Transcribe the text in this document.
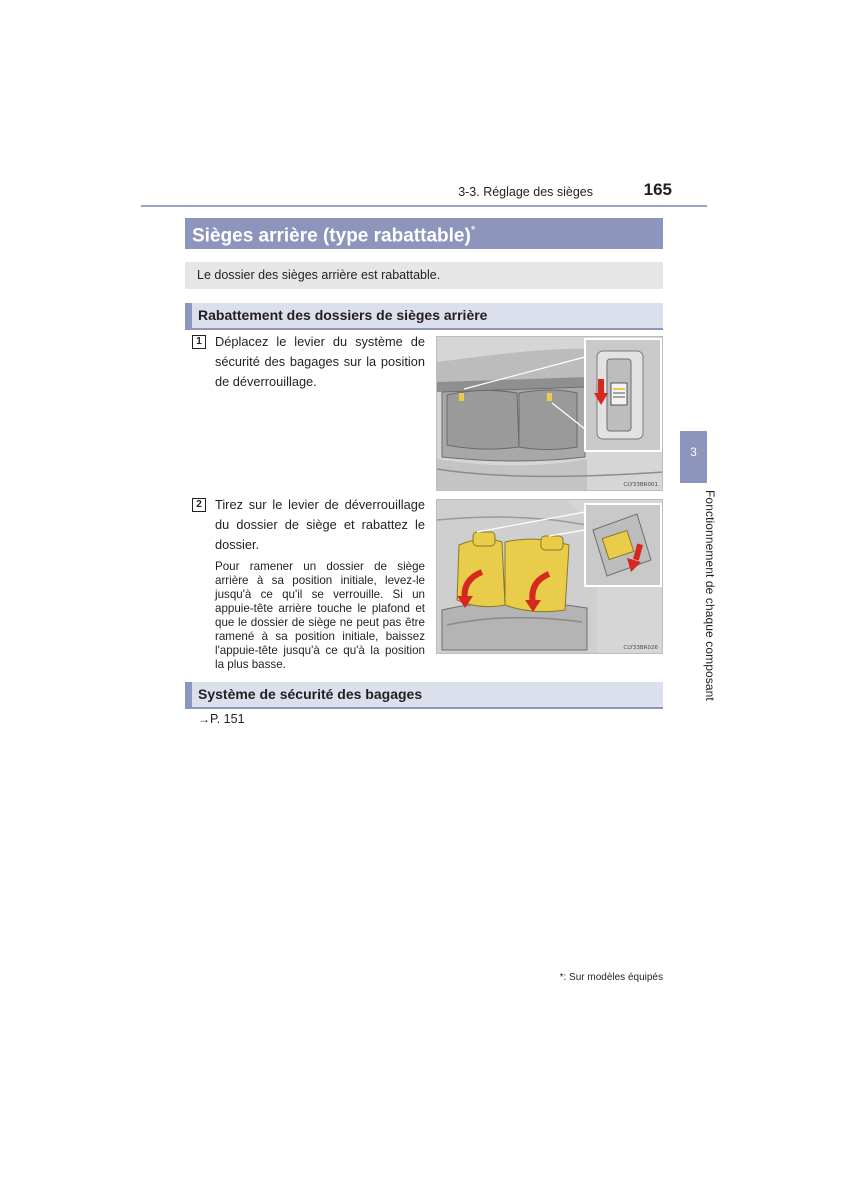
3-3. Réglage des sièges	165
Sièges arrière (type rabattable)*
Le dossier des sièges arrière est rabattable.
Rabattement des dossiers de sièges arrière
1	Déplacez le levier du système de sécurité des bagages sur la position de déverrouillage.
CLY33BR001
2	Tirez sur le levier de déverrouillage du dossier de siège et rabattez le dossier.
Pour ramener un dossier de siège arrière à sa position initiale, levez-le jusqu'à ce qu'il se verrouille. Si un appuie-tête arrière touche le plafond et que le dossier de siège ne peut pas être ramené à sa position initiale, baissez l'appuie-tête jusqu'à ce qu'à la position la plus basse.
CLY33BR026
Système de sécurité des bagages
→P. 151
3
Fonctionnement de chaque composant
*: Sur modèles équipés
